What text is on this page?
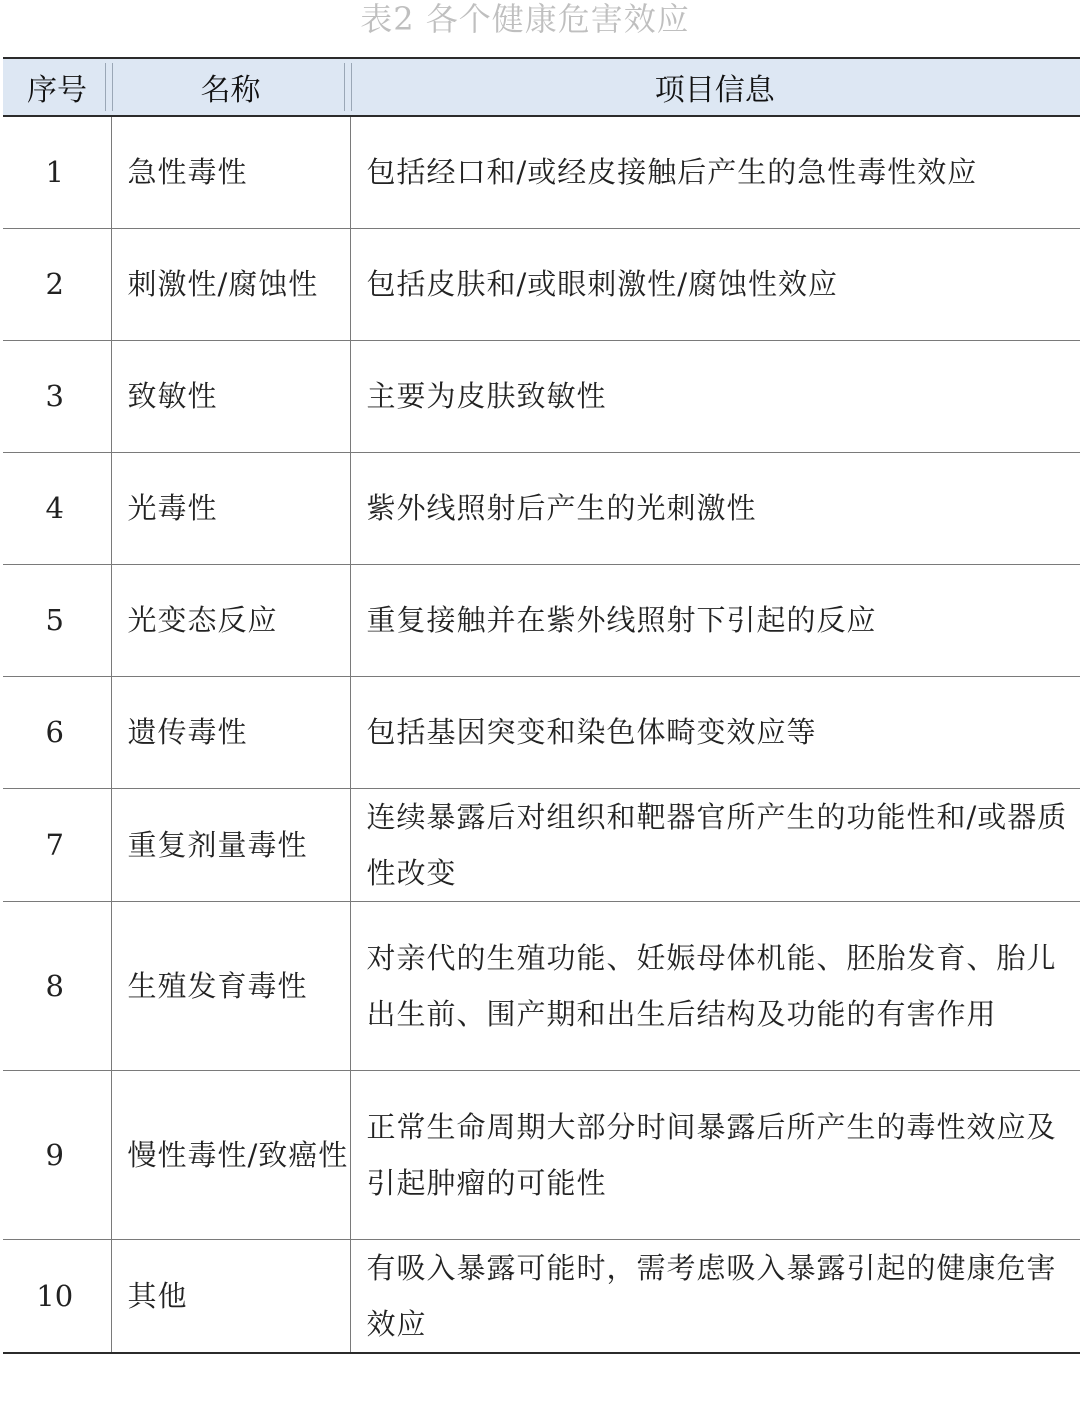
表2 各个健康危害效应
序号	名称	项目信息
1	急性毒性	包括经口和/或经皮接触后产生的急性毒性效应
2	刺激性/腐蚀性	包括皮肤和/或眼刺激性/腐蚀性效应
3	致敏性	主要为皮肤致敏性
4	光毒性	紫外线照射后产生的光刺激性
5	光变态反应	重复接触并在紫外线照射下引起的反应
6	遗传毒性	包括基因突变和染色体畸变效应等
7	重复剂量毒性	连续暴露后对组织和靶器官所产生的功能性和/或器质性改变
8	生殖发育毒性	对亲代的生殖功能、妊娠母体机能、胚胎发育、胎儿出生前、围产期和出生后结构及功能的有害作用
9	慢性毒性/致癌性	正常生命周期大部分时间暴露后所产生的毒性效应及引起肿瘤的可能性
10	其他	有吸入暴露可能时，需考虑吸入暴露引起的健康危害效应
